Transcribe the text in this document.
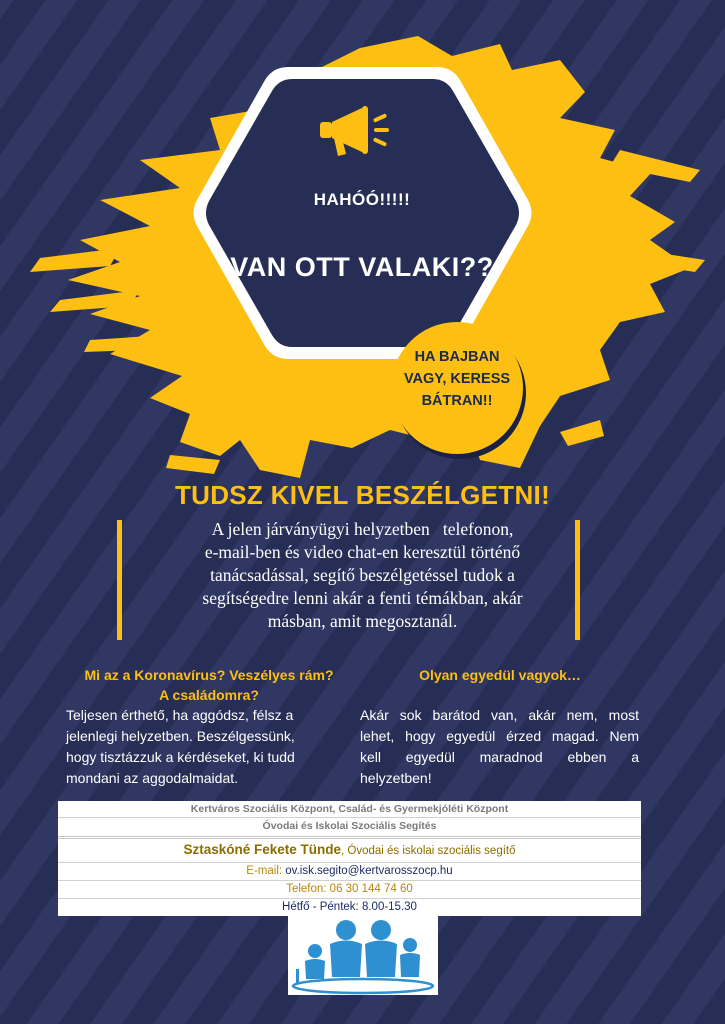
HAHÓÓ!!!!!
VAN OTT VALAKI??
HA BAJBAN
VAGY, KERESS
BÁTRAN!!
TUDSZ KIVEL BESZÉLGETNI!
A jelen járványügyi helyzetben   telefonon,
e-mail-ben és video chat-en keresztül történő
tanácsadással, segítő beszélgetéssel tudok a
segítségedre lenni akár a fenti témákban, akár
másban, amit megosztanál.
Mi az a Koronavírus? Veszélyes rám?
A családomra?
Teljesen érthető, ha aggódsz, félsz a
jelenlegi helyzetben. Beszélgessünk,
hogy tisztázzuk a kérdéseket, ki tudd
mondani az aggodalmaidat.
Olyan egyedül vagyok…
Akár sok barátod van, akár nem, most
lehet, hogy egyedül érzed magad. Nem
kell egyedül maradnod ebben a
helyzetben!
Kertváros Szociális Központ, Család- és Gyermekjóléti Központ
Óvodai és Iskolai Szociális Segítés
Sztaskóné Fekete Tünde, Óvodai és iskolai szociális segítő
E-mail: ov.isk.segito@kertvarosszocp.hu
Telefon: 06 30 144 74 60
Hétfő - Péntek: 8.00-15.30
